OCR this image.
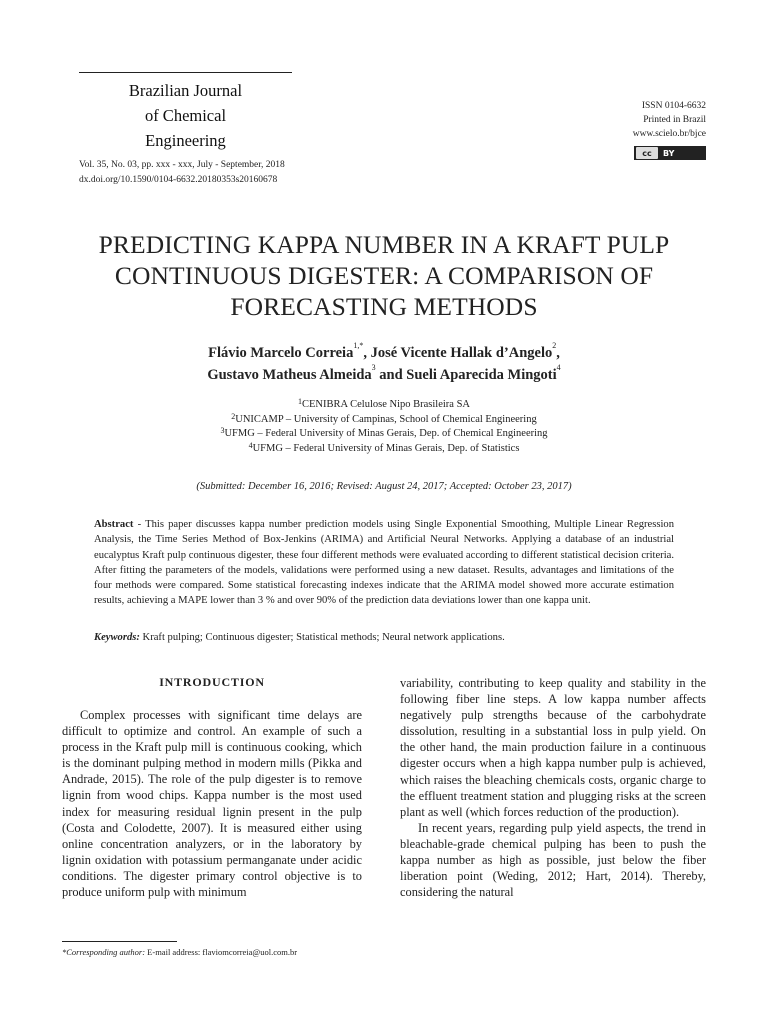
Brazilian Journal
of Chemical
Engineering
Vol. 35, No. 03, pp. xxx - xxx, July - September, 2018
dx.doi.org/10.1590/0104-6632.20180353s20160678
ISSN 0104-6632
Printed in Brazil
www.scielo.br/bjce
cc	BY
PREDICTING KAPPA NUMBER IN A KRAFT PULP
CONTINUOUS DIGESTER: A COMPARISON OF
FORECASTING METHODS
Flávio Marcelo Correia$^{1,*}$, José Vicente Hallak d’Angelo$^2$,
Gustavo Matheus Almeida$^3$ and Sueli Aparecida Mingoti$^4$
$^1$CENIBRA Celulose Nipo Brasileira SA
$^2$UNICAMP – University of Campinas, School of Chemical Engineering
$^3$UFMG – Federal University of Minas Gerais, Dep. of Chemical Engineering
$^4$UFMG – Federal University of Minas Gerais, Dep. of Statistics
(Submitted: December 16, 2016; Revised: August 24, 2017; Accepted: October 23, 2017)
Abstract - This paper discusses kappa number prediction models using Single Exponential Smoothing, Multiple Linear Regression Analysis, the Time Series Method of Box-Jenkins (ARIMA) and Artificial Neural Networks. Applying a database of an industrial eucalyptus Kraft pulp continuous digester, these four different methods were evaluated according to different statistical decision criteria. After fitting the parameters of the models, validations were performed using a new dataset. Results, advantages and limitations of the four methods were compared. Some statistical forecasting indexes indicate that the ARIMA model showed more accurate estimation results, achieving a MAPE lower than 3 % and over 90% of the prediction data deviations lower than one kappa unit.
Keywords: Kraft pulping; Continuous digester; Statistical methods; Neural network applications.
INTRODUCTION

Complex processes with significant time delays are difficult to optimize and control. An example of such a process in the Kraft pulp mill is continuous cooking, which is the dominant pulping method in modern mills (Pikka and Andrade, 2015). The role of the pulp digester is to remove lignin from wood chips. Kappa number is the most used index for measuring residual lignin present in the pulp (Costa and Colodette, 2007). It is measured either using online concentration analyzers, or in the laboratory by lignin oxidation with potassium permanganate under acidic conditions. The digester primary control objective is to produce uniform pulp with minimum

variability, contributing to keep quality and stability in the following fiber line steps. A low kappa number affects negatively pulp strengths because of the carbohydrate dissolution, resulting in a substantial loss in pulp yield. On the other hand, the main production failure in a continuous digester occurs when a high kappa number pulp is achieved, which raises the bleaching chemicals costs, organic charge to the effluent treatment station and plugging risks at the screen plant as well (which forces reduction of the production).

In recent years, regarding pulp yield aspects, the trend in bleachable-grade chemical pulping has been to push the kappa number as high as possible, just below the fiber liberation point (Weding, 2012; Hart, 2014). Thereby, considering the natural

*Corresponding author: E-mail address: flaviomcorreia@uol.com.br
